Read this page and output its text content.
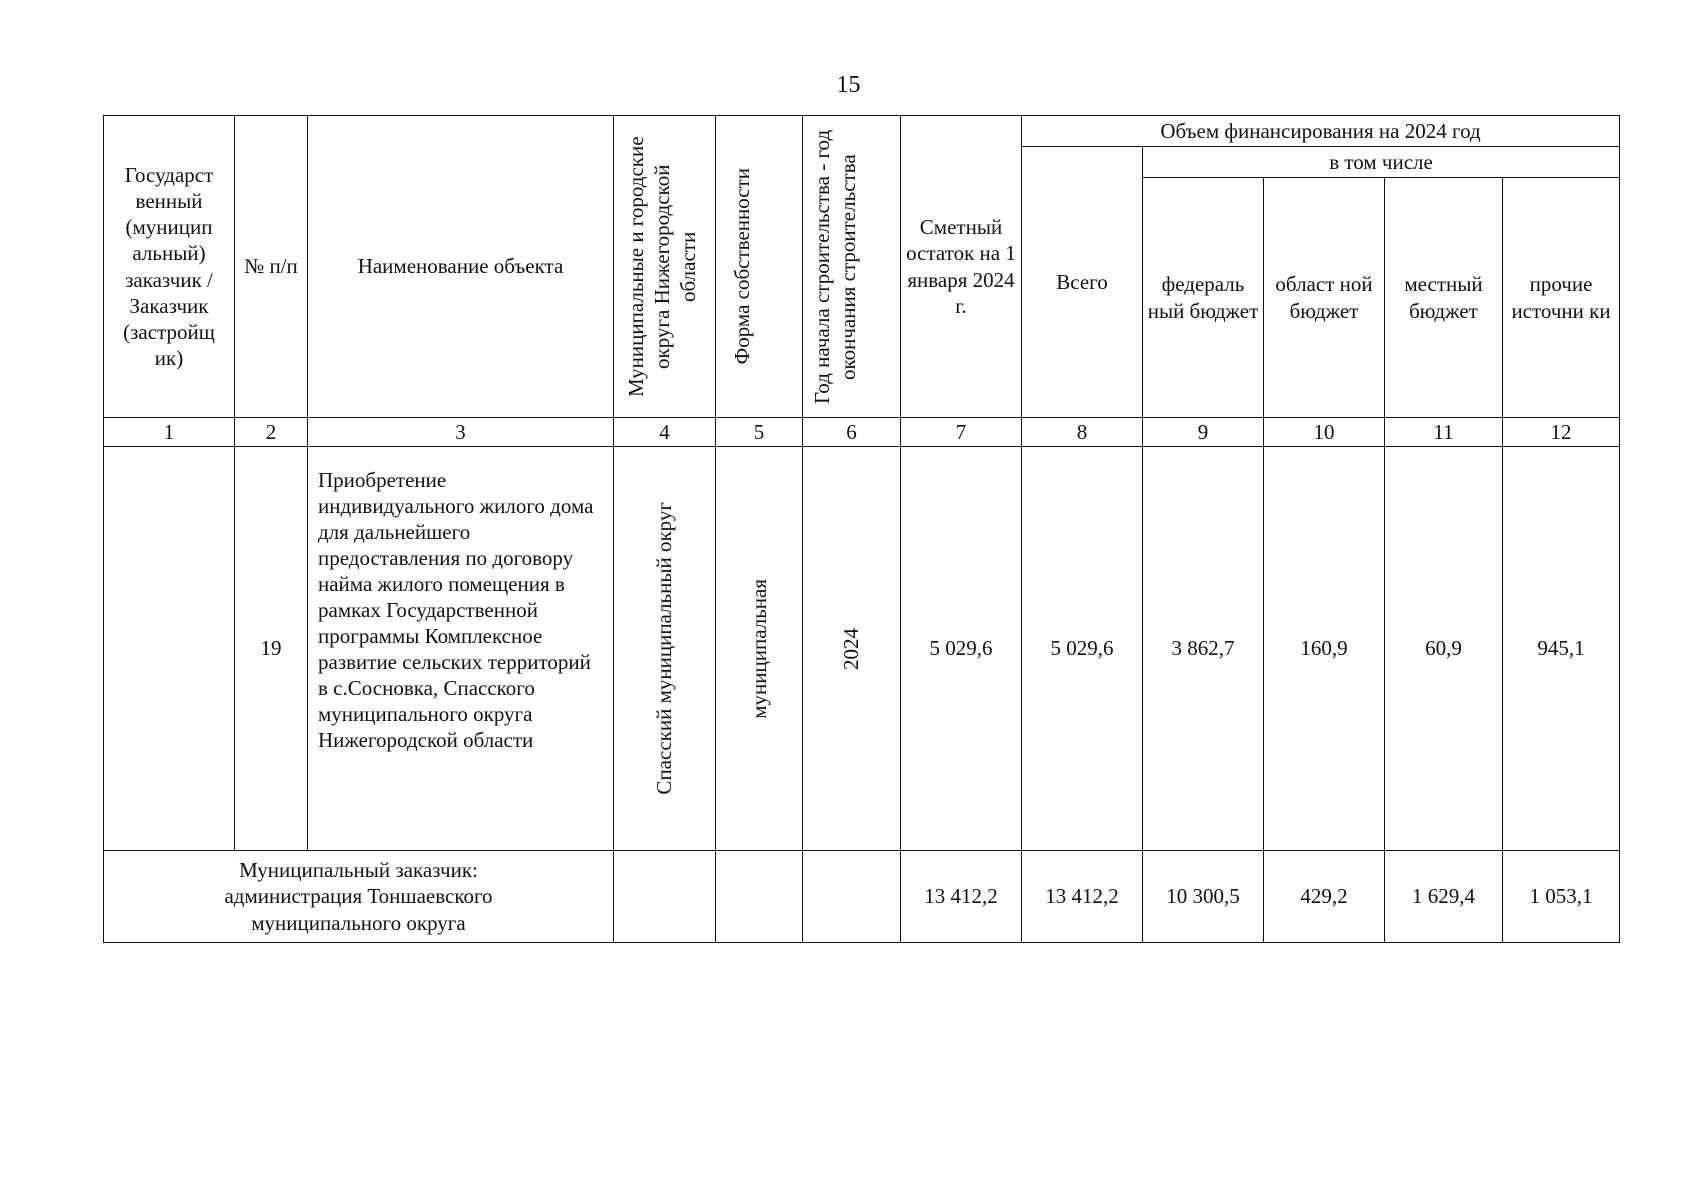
15
Государст венный (муницип альный) заказчик / Заказчик (застройщ ик)	№ п/п	Наименование объекта	Муниципальные и городские округа Нижегородской области	Форма собственности	Год начала строительства - год окончания строительства	Сметный остаток на 1 января 2024 г.	Объем финансирования на 2024 год				
							Всего	в том числе			
								федераль ный бюджет	област ной бюджет	местный бюджет	прочие источни ки
1	2	3	4	5	6	7	8	9	10	11	12
	19	Приобретение индивидуального жилого дома для дальнейшего предоставления по договору найма жилого помещения в рамках Государственной программы Комплексное развитие сельских территорий в с.Сосновка, Спасского муниципального округа Нижегородской области	Спасский муниципальный округ	муниципальная	2024	5 029,6	5 029,6	3 862,7	160,9	60,9	945,1
Муниципальный заказчик: администрация Тоншаевского муниципального округа						13 412,2	13 412,2	10 300,5	429,2	1 629,4	1 053,1
